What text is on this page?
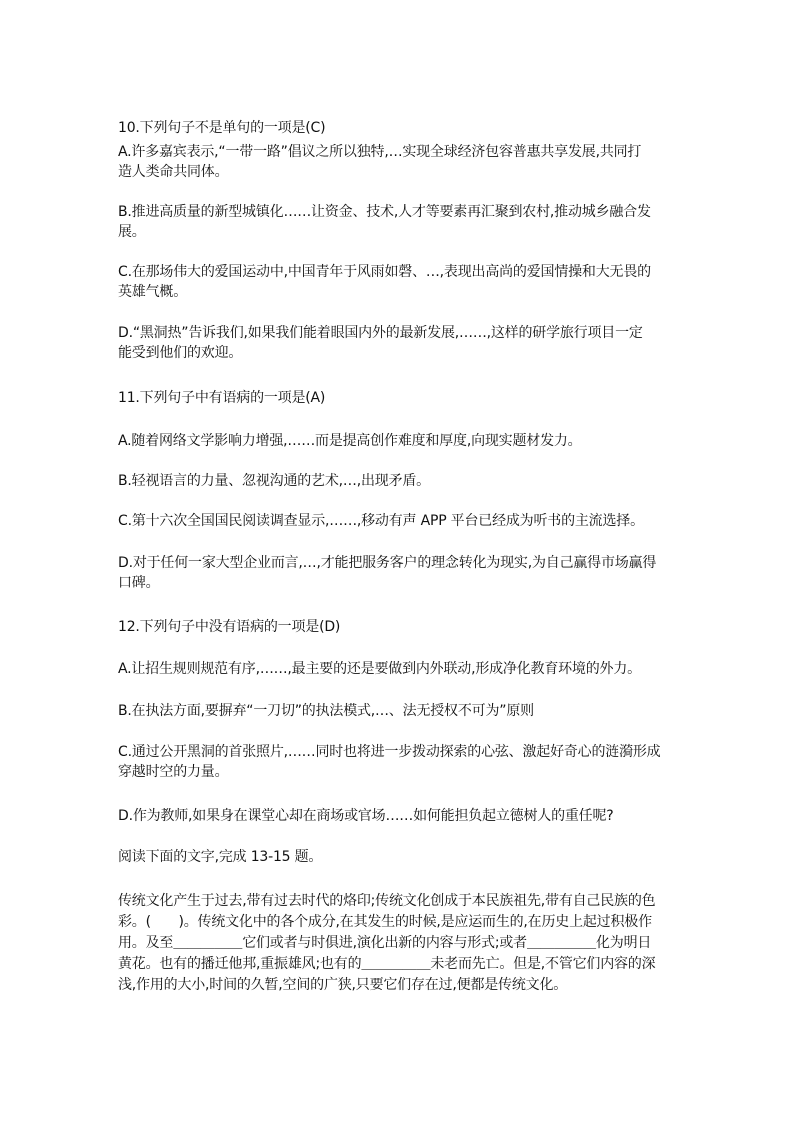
10.下列句子不是单句的一项是(C)
A.许多嘉宾表示,“一带一路”倡议之所以独特,…实现全球经济包容普惠共享发展,共同打
造人类命共同体。
B.推进高质量的新型城镇化……让资金、技术,人才等要素再汇聚到农村,推动城乡融合发
展。
C.在那场伟大的爱国运动中,中国青年于风雨如磬、…,表现出高尚的爱国情操和大无畏的
英雄气概。
D.“黑洞热”告诉我们,如果我们能着眼国内外的最新发展,……,这样的研学旅行项目一定
能受到他们的欢迎。
11.下列句子中有语病的一项是(A)
A.随着网络文学影响力增强,……而是提高创作难度和厚度,向现实题材发力。
B.轻视语言的力量、忽视沟通的艺术,…,出现矛盾。
C.第十六次全国国民阅读调查显示,……,移动有声 APP 平台已经成为听书的主流选择。
D.对于任何一家大型企业而言,…,才能把服务客户的理念转化为现实,为自己赢得市场赢得
口碑。
12.下列句子中没有语病的一项是(D)
A.让招生规则规范有序,……,最主要的还是要做到内外联动,形成净化教育环境的外力。
B.在执法方面,要摒弃“一刀切”的执法模式,…、法无授权不可为”原则
C.通过公开黑洞的首张照片,……同时也将进一步拨动探索的心弦、激起好奇心的涟漪形成
穿越时空的力量。
D.作为教师,如果身在课堂心却在商场或官场……如何能担负起立德树人的重任呢?
阅读下面的文字,完成 13-15 题。
传统文化产生于过去,带有过去时代的烙印;传统文化创成于本民族祖先,带有自己民族的色
彩。(　　)。传统文化中的各个成分,在其发生的时候,是应运而生的,在历史上起过积极作
用。及至＿＿＿＿＿它们或者与时俱进,演化出新的内容与形式;或者＿＿＿＿＿化为明日
黄花。也有的播迁他邦,重振雄风;也有的＿＿＿＿＿未老而先亡。但是,不管它们内容的深
浅,作用的大小,时间的久暂,空间的广狭,只要它们存在过,便都是传统文化。
